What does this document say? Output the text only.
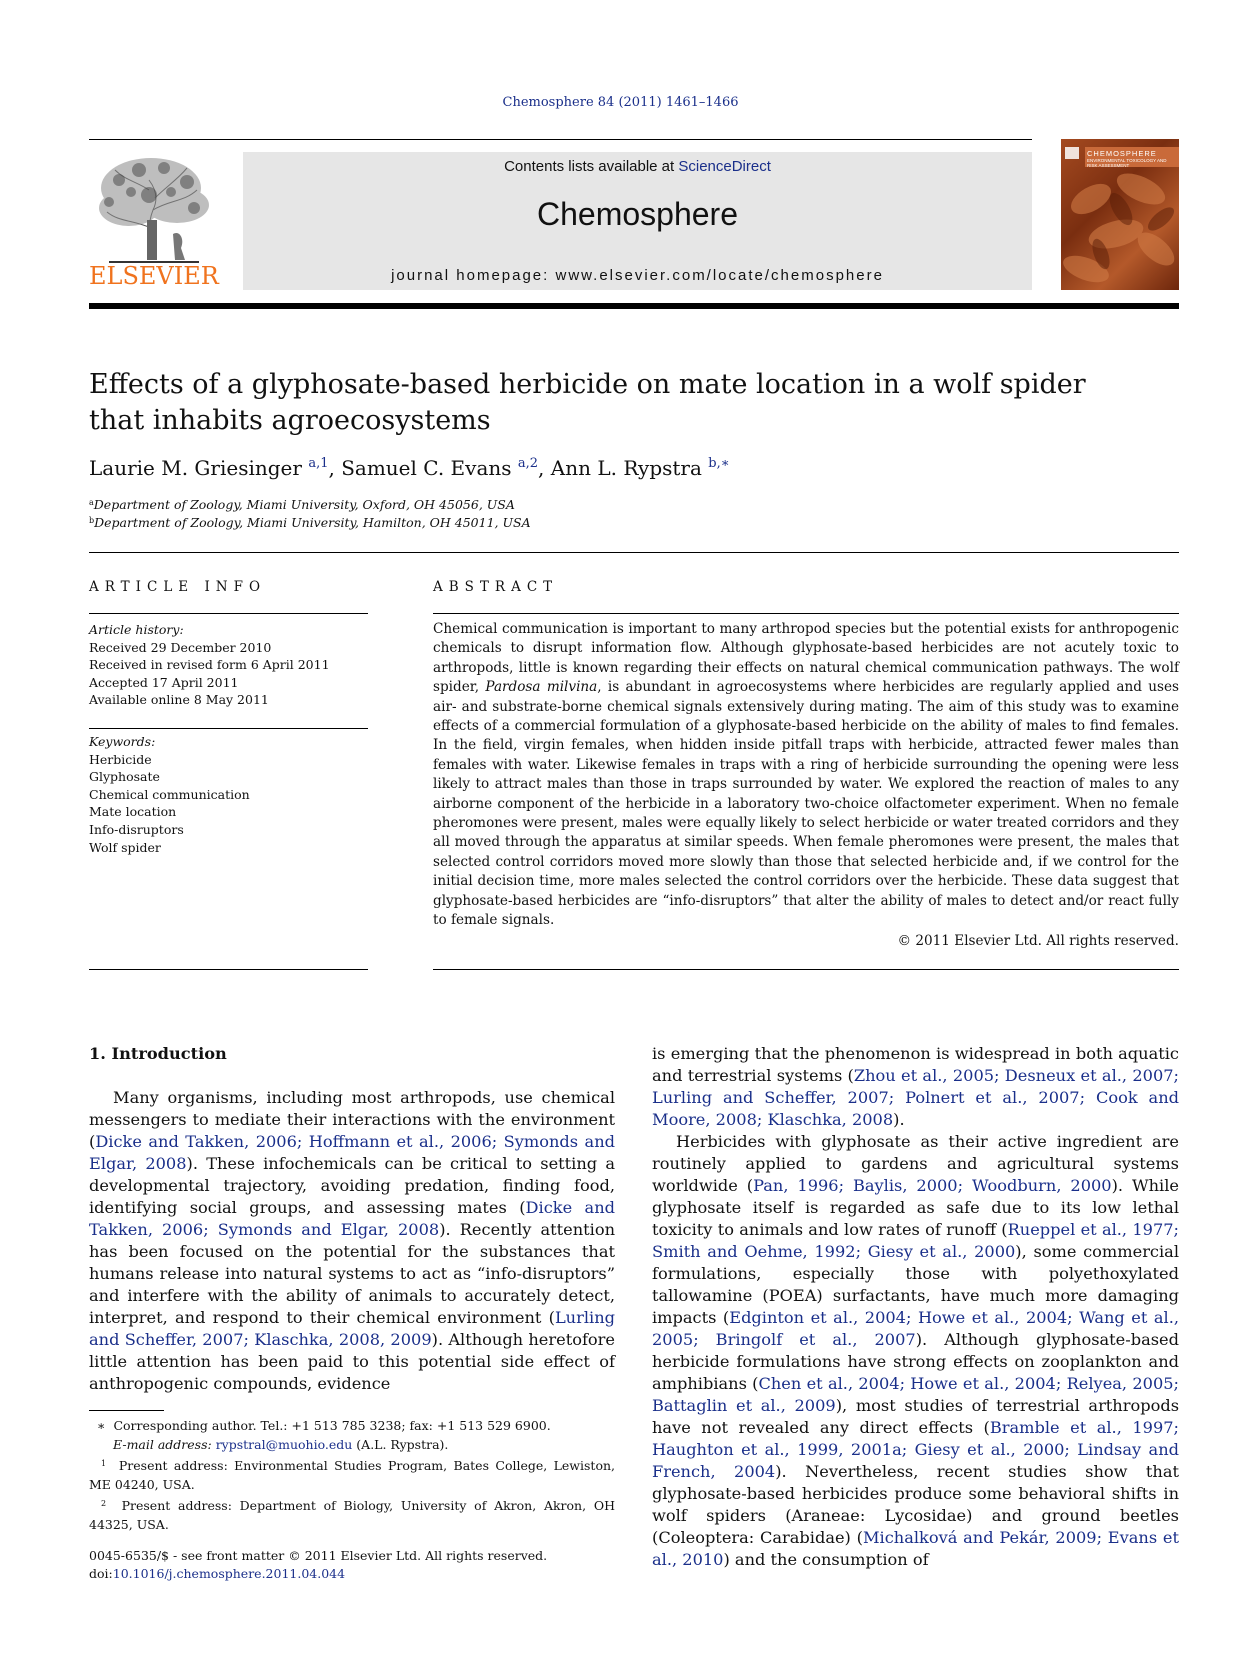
Chemosphere 84 (2011) 1461–1466
ELSEVIER
Contents lists available at ScienceDirect
Chemosphere
journal homepage: www.elsevier.com/locate/chemosphere
CHEMOSPHERE
ENVIRONMENTAL TOXICOLOGY AND RISK ASSESSMENT
Effects of a glyphosate-based herbicide on mate location in a wolf spider that inhabits agroecosystems
Laurie M. Griesinger $^{a,1}$, Samuel C. Evans $^{a,2}$, Ann L. Rypstra $^{b,∗}$
$^a$Department of Zoology, Miami University, Oxford, OH 45056, USA
$^b$Department of Zoology, Miami University, Hamilton, OH 45011, USA
ARTICLE INFO
Article history:
Received 29 December 2010
Received in revised form 6 April 2011
Accepted 17 April 2011
Available online 8 May 2011
Keywords:
Herbicide
Glyphosate
Chemical communication
Mate location
Info-disruptors
Wolf spider
ABSTRACT

Chemical communication is important to many arthropod species but the potential exists for anthropogenic chemicals to disrupt information flow. Although glyphosate-based herbicides are not acutely toxic to arthropods, little is known regarding their effects on natural chemical communication pathways. The wolf spider, Pardosa milvina, is abundant in agroecosystems where herbicides are regularly applied and uses air- and substrate-borne chemical signals extensively during mating. The aim of this study was to examine effects of a commercial formulation of a glyphosate-based herbicide on the ability of males to find females. In the field, virgin females, when hidden inside pitfall traps with herbicide, attracted fewer males than females with water. Likewise females in traps with a ring of herbicide surrounding the opening were less likely to attract males than those in traps surrounded by water. We explored the reaction of males to any airborne component of the herbicide in a laboratory two-choice olfactometer experiment. When no female pheromones were present, males were equally likely to select herbicide or water treated corridors and they all moved through the apparatus at similar speeds. When female pheromones were present, the males that selected control corridors moved more slowly than those that selected herbicide and, if we control for the initial decision time, more males selected the control corridors over the herbicide. These data suggest that glyphosate-based herbicides are “info-disruptors” that alter the ability of males to detect and/or react fully to female signals.

© 2011 Elsevier Ltd. All rights reserved.

1. Introduction

Many organisms, including most arthropods, use chemical messengers to mediate their interactions with the environment (Dicke and Takken, 2006; Hoffmann et al., 2006; Symonds and Elgar, 2008). These infochemicals can be critical to setting a developmental trajectory, avoiding predation, finding food, identifying social groups, and assessing mates (Dicke and Takken, 2006; Symonds and Elgar, 2008). Recently attention has been focused on the potential for the substances that humans release into natural systems to act as “info-disruptors” and interfere with the ability of animals to accurately detect, interpret, and respond to their chemical environment (Lurling and Scheffer, 2007; Klaschka, 2008, 2009). Although heretofore little attention has been paid to this potential side effect of anthropogenic compounds, evidence

is emerging that the phenomenon is widespread in both aquatic and terrestrial systems (Zhou et al., 2005; Desneux et al., 2007; Lurling and Scheffer, 2007; Polnert et al., 2007; Cook and Moore, 2008; Klaschka, 2008).

Herbicides with glyphosate as their active ingredient are routinely applied to gardens and agricultural systems worldwide (Pan, 1996; Baylis, 2000; Woodburn, 2000). While glyphosate itself is regarded as safe due to its low lethal toxicity to animals and low rates of runoff (Rueppel et al., 1977; Smith and Oehme, 1992; Giesy et al., 2000), some commercial formulations, especially those with polyethoxylated tallowamine (POEA) surfactants, have much more damaging impacts (Edginton et al., 2004; Howe et al., 2004; Wang et al., 2005; Bringolf et al., 2007). Although glyphosate-based herbicide formulations have strong effects on zooplankton and amphibians (Chen et al., 2004; Howe et al., 2004; Relyea, 2005; Battaglin et al., 2009), most studies of terrestrial arthropods have not revealed any direct effects (Bramble et al., 1997; Haughton et al., 1999, 2001a; Giesy et al., 2000; Lindsay and French, 2004). Nevertheless, recent studies show that glyphosate-based herbicides produce some behavioral shifts in wolf spiders (Araneae: Lycosidae) and ground beetles (Coleoptera: Carabidae) (Michalková and Pekár, 2009; Evans et al., 2010) and the consumption of

∗ Corresponding author. Tel.: +1 513 785 3238; fax: +1 513 529 6900.

E-mail address: rypstral@muohio.edu (A.L. Rypstra).

$^1$ Present address: Environmental Studies Program, Bates College, Lewiston, ME 04240, USA.

$^2$ Present address: Department of Biology, University of Akron, Akron, OH 44325, USA.

0045-6535/$ - see front matter © 2011 Elsevier Ltd. All rights reserved.

doi:10.1016/j.chemosphere.2011.04.044
